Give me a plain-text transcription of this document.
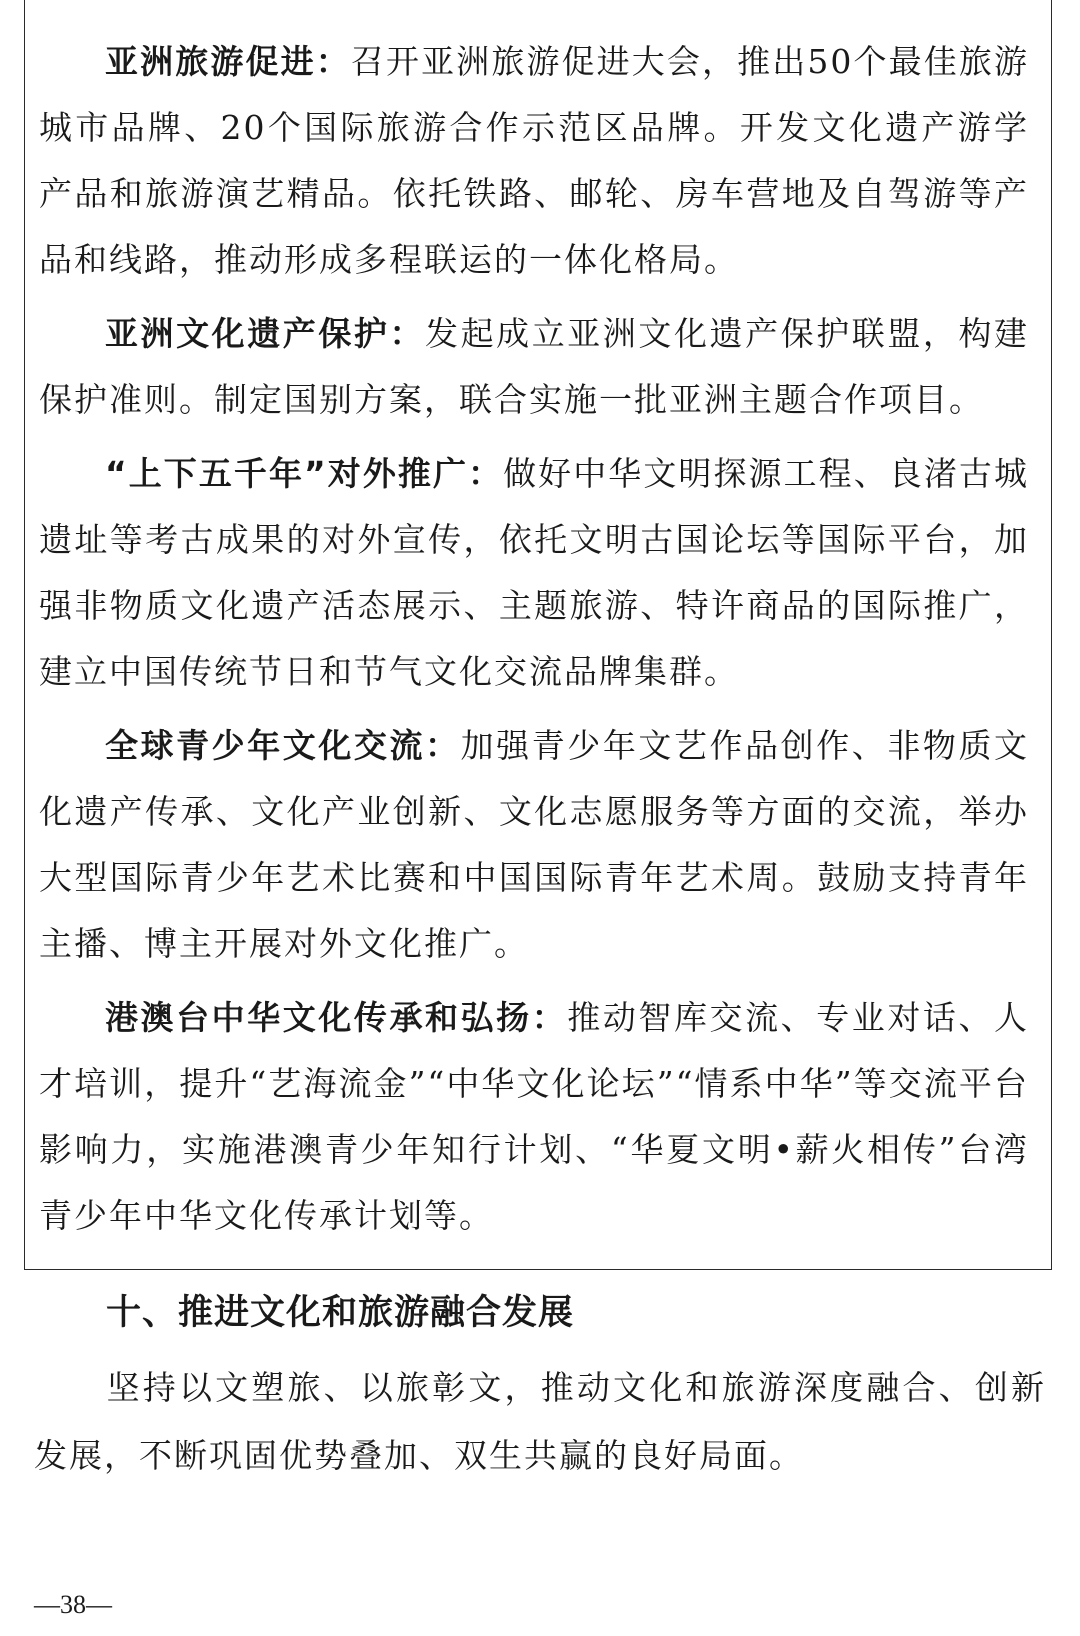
亚洲旅游促进：召开亚洲旅游促进大会，推出50个最佳旅游城市品牌、20个国际旅游合作示范区品牌。开发文化遗产游学产品和旅游演艺精品。依托铁路、邮轮、房车营地及自驾游等产品和线路，推动形成多程联运的一体化格局。

亚洲文化遗产保护：发起成立亚洲文化遗产保护联盟，构建保护准则。制定国别方案，联合实施一批亚洲主题合作项目。

“上下五千年”对外推广：做好中华文明探源工程、良渚古城遗址等考古成果的对外宣传，依托文明古国论坛等国际平台，加强非物质文化遗产活态展示、主题旅游、特许商品的国际推广，建立中国传统节日和节气文化交流品牌集群。

全球青少年文化交流：加强青少年文艺作品创作、非物质文化遗产传承、文化产业创新、文化志愿服务等方面的交流，举办大型国际青少年艺术比赛和中国国际青年艺术周。鼓励支持青年主播、博主开展对外文化推广。

港澳台中华文化传承和弘扬：推动智库交流、专业对话、人才培训，提升“艺海流金”“中华文化论坛”“情系中华”等交流平台影响力，实施港澳青少年知行计划、“华夏文明•薪火相传”台湾青少年中华文化传承计划等。

十、推进文化和旅游融合发展

坚持以文塑旅、以旅彰文，推动文化和旅游深度融合、创新发展，不断巩固优势叠加、双生共赢的良好局面。

—38—
